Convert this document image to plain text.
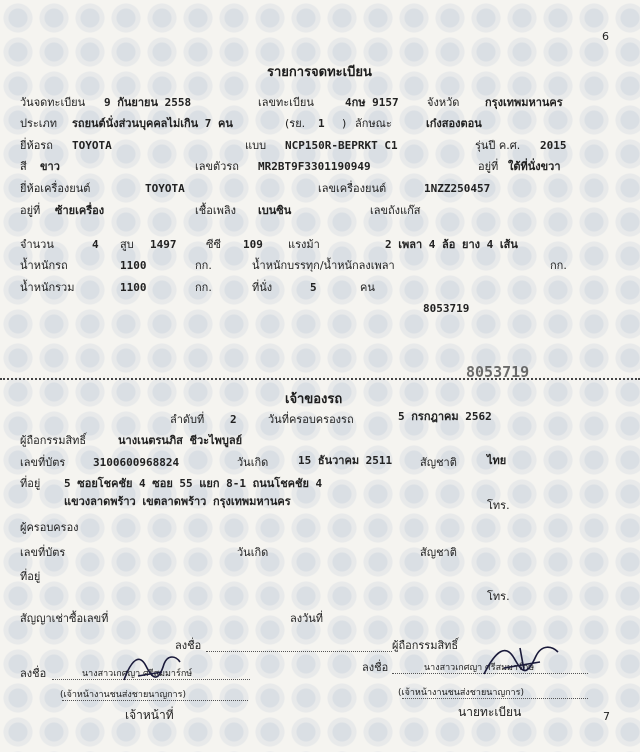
6
รายการจดทะเบียน
วันจดทะเบียน 9 กันยายน 2558	เลขทะเบียน	4กษ 9157	จังหวัด กรุงเทพมหานคร
ประเภท รถยนต์นั่งส่วนบุคคลไม่เกิน 7 คน	(รย. 1 ) ลักษณะ	เก๋งสองตอน
ยี่ห้อรถ TOYOTA	แบบ NCP150R-BEPRKT C1	รุ่นปี ค.ศ. 2015
สี ขาว	เลขตัวรถ MR2BT9F3301190949	อยู่ที่ ใต้ที่นั่งขวา
ยี่ห้อเครื่องยนต์	TOYOTA	เลขเครื่องยนต์	1NZZ250457
อยู่ที่ ซ้ายเครื่อง	เชื้อเพลิง เบนซิน	เลขถังแก๊ส
จำนวน	4 สูบ 1497	ซีซี 109 แรงม้า	2 เพลา 4 ล้อ ยาง 4 เส้น
น้ำหนักรถ	1100	กก.	น้ำหนักบรรทุก/น้ำหนักลงเพลา	กก.
น้ำหนักรวม	1100	กก.	ที่นั่ง	5	คน
8053719
8053719
เจ้าของรถ
ลำดับที่ 2	วันที่ครอบครองรถ	5 กรกฎาคม 2562
ผู้ถือกรรมสิทธิ์	นางเนตรนภิส ชีวะไพบูลย์
เลขที่บัตร	3100600968824	วันเกิด	15 ธันวาคม 2511	สัญชาติ	ไทย
ที่อยู่ 5 ซอยโชคชัย 4 ซอย 55 แยก 8-1 ถนนโชคชัย 4
แขวงลาดพร้าว เขตลาดพร้าว กรุงเทพมหานคร	โทร.
ผู้ครอบครอง
เลขที่บัตร	วันเกิด	สัญชาติ
ที่อยู่
โทร.
สัญญาเช่าซื้อเลขที่	ลงวันที่
ลงชื่อ	ผู้ถือกรรมสิทธิ์
ลงชื่อ	นางสาวเกศญา ศรีสมมาร์กษ์
(เจ้าหน้างานชนส่งชายนาญการ)
เจ้าหน้าที่
ลงชื่อ	นางสาวเกศญา ศรีสมมาร์กษ์
(เจ้าหน้างานชนส่งชายนาญการ)
นายทะเบียน	7
